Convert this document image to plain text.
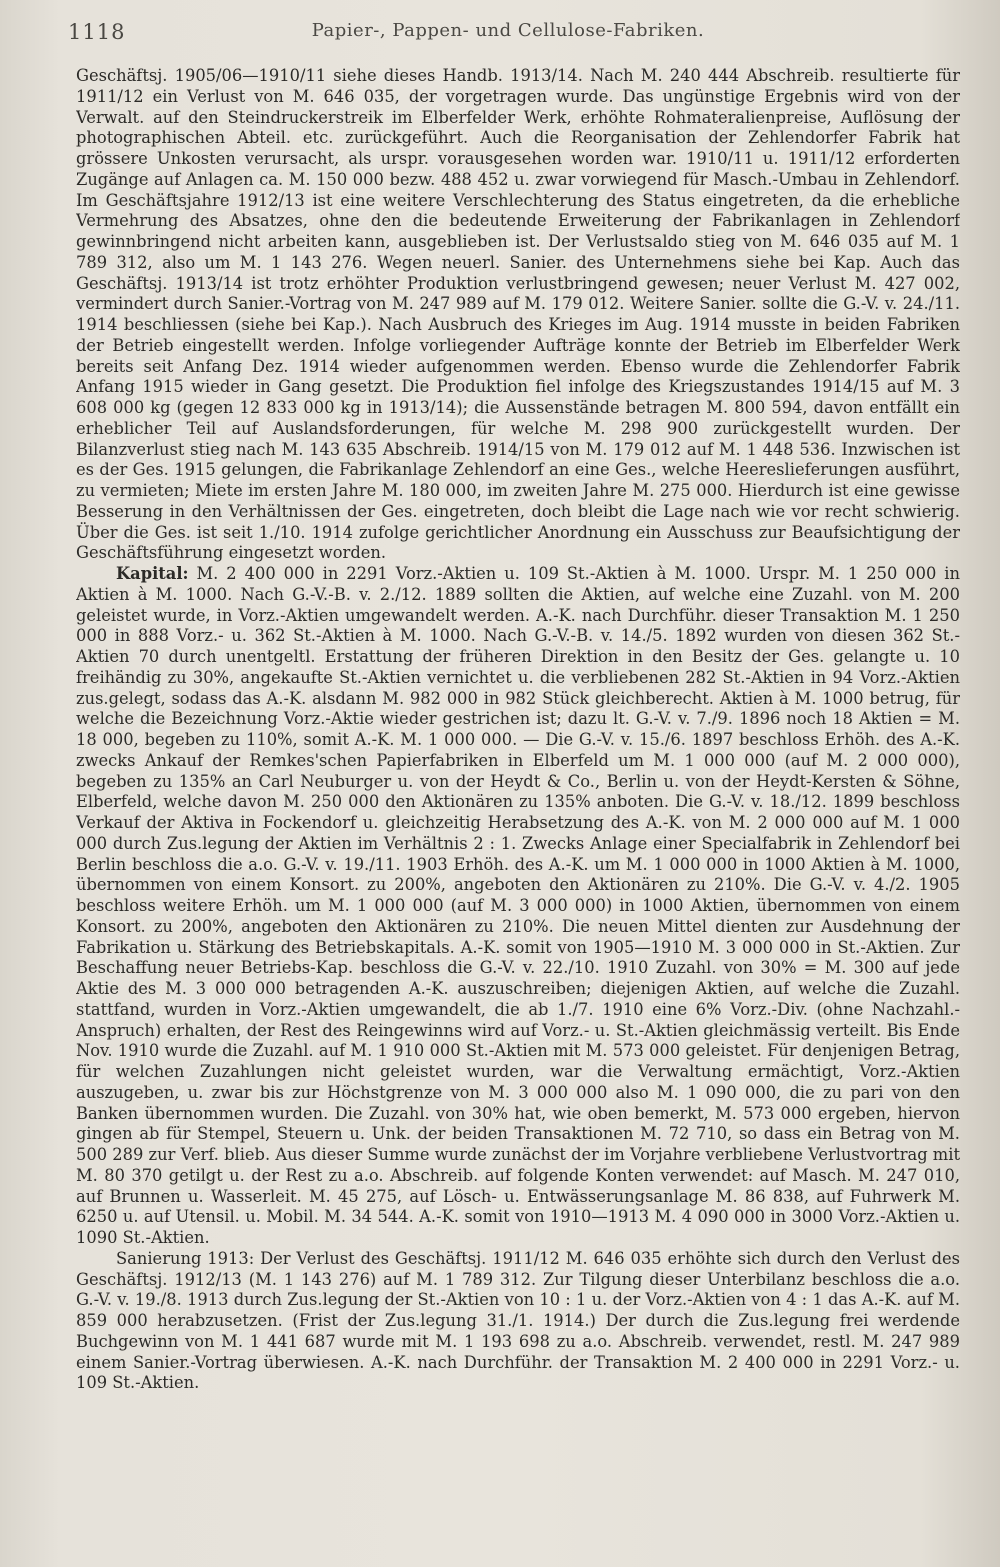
1118	Papier-, Pappen- und Cellulose-Fabriken.

Geschäftsj. 1905/06—1910/11 siehe dieses Handb. 1913/14. Nach M. 240 444 Abschreib. resultierte für 1911/12 ein Verlust von M. 646 035, der vorgetragen wurde. Das ungünstige Ergebnis wird von der Verwalt. auf den Steindruckerstreik im Elberfelder Werk, erhöhte Rohmateralienpreise, Auflösung der photographischen Abteil. etc. zurückgeführt. Auch die Reorganisation der Zehlendorfer Fabrik hat grössere Unkosten verursacht, als urspr. vorausgesehen worden war. 1910/11 u. 1911/12 erforderten Zugänge auf Anlagen ca. M. 150 000 bezw. 488 452 u. zwar vorwiegend für Masch.-Umbau in Zehlendorf. Im Geschäftsjahre 1912/13 ist eine weitere Verschlechterung des Status eingetreten, da die erhebliche Vermehrung des Absatzes, ohne den die bedeutende Erweiterung der Fabrikanlagen in Zehlendorf gewinnbringend nicht arbeiten kann, ausgeblieben ist. Der Verlustsaldo stieg von M. 646 035 auf M. 1 789 312, also um M. 1 143 276. Wegen neuerl. Sanier. des Unternehmens siehe bei Kap. Auch das Geschäftsj. 1913/14 ist trotz erhöhter Produktion verlustbringend gewesen; neuer Verlust M. 427 002, vermindert durch Sanier.-Vortrag von M. 247 989 auf M. 179 012. Weitere Sanier. sollte die G.-V. v. 24./11. 1914 beschliessen (siehe bei Kap.). Nach Ausbruch des Krieges im Aug. 1914 musste in beiden Fabriken der Betrieb eingestellt werden. Infolge vorliegender Aufträge konnte der Betrieb im Elberfelder Werk bereits seit Anfang Dez. 1914 wieder aufgenommen werden. Ebenso wurde die Zehlendorfer Fabrik Anfang 1915 wieder in Gang gesetzt. Die Produktion fiel infolge des Kriegszustandes 1914/15 auf M. 3 608 000 kg (gegen 12 833 000 kg in 1913/14); die Aussenstände betragen M. 800 594, davon entfällt ein erheblicher Teil auf Auslandsforderungen, für welche M. 298 900 zurückgestellt wurden. Der Bilanzverlust stieg nach M. 143 635 Abschreib. 1914/15 von M. 179 012 auf M. 1 448 536. Inzwischen ist es der Ges. 1915 gelungen, die Fabrikanlage Zehlendorf an eine Ges., welche Heereslieferungen ausführt, zu vermieten; Miete im ersten Jahre M. 180 000, im zweiten Jahre M. 275 000. Hierdurch ist eine gewisse Besserung in den Verhältnissen der Ges. eingetreten, doch bleibt die Lage nach wie vor recht schwierig. Über die Ges. ist seit 1./10. 1914 zufolge gerichtlicher Anordnung ein Ausschuss zur Beaufsichtigung der Geschäftsführung eingesetzt worden.

Kapital: M. 2 400 000 in 2291 Vorz.-Aktien u. 109 St.-Aktien à M. 1000. Urspr. M. 1 250 000 in Aktien à M. 1000. Nach G.-V.-B. v. 2./12. 1889 sollten die Aktien, auf welche eine Zuzahl. von M. 200 geleistet wurde, in Vorz.-Aktien umgewandelt werden. A.-K. nach Durchführ. dieser Transaktion M. 1 250 000 in 888 Vorz.- u. 362 St.-Aktien à M. 1000. Nach G.-V.-B. v. 14./5. 1892 wurden von diesen 362 St.-Aktien 70 durch unentgeltl. Erstattung der früheren Direktion in den Besitz der Ges. gelangte u. 10 freihändig zu 30%, angekaufte St.-Aktien vernichtet u. die verbliebenen 282 St.-Aktien in 94 Vorz.-Aktien zus.gelegt, sodass das A.-K. alsdann M. 982 000 in 982 Stück gleichberecht. Aktien à M. 1000 betrug, für welche die Bezeichnung Vorz.-Aktie wieder gestrichen ist; dazu lt. G.-V. v. 7./9. 1896 noch 18 Aktien = M. 18 000, begeben zu 110%, somit A.-K. M. 1 000 000. — Die G.-V. v. 15./6. 1897 beschloss Erhöh. des A.-K. zwecks Ankauf der Remkes'schen Papierfabriken in Elberfeld um M. 1 000 000 (auf M. 2 000 000), begeben zu 135% an Carl Neuburger u. von der Heydt & Co., Berlin u. von der Heydt-Kersten & Söhne, Elberfeld, welche davon M. 250 000 den Aktionären zu 135% anboten. Die G.-V. v. 18./12. 1899 beschloss Verkauf der Aktiva in Fockendorf u. gleichzeitig Herabsetzung des A.-K. von M. 2 000 000 auf M. 1 000 000 durch Zus.legung der Aktien im Verhältnis 2 : 1. Zwecks Anlage einer Specialfabrik in Zehlendorf bei Berlin beschloss die a.o. G.-V. v. 19./11. 1903 Erhöh. des A.-K. um M. 1 000 000 in 1000 Aktien à M. 1000, übernommen von einem Konsort. zu 200%, angeboten den Aktionären zu 210%. Die G.-V. v. 4./2. 1905 beschloss weitere Erhöh. um M. 1 000 000 (auf M. 3 000 000) in 1000 Aktien, übernommen von einem Konsort. zu 200%, angeboten den Aktionären zu 210%. Die neuen Mittel dienten zur Ausdehnung der Fabrikation u. Stärkung des Betriebskapitals. A.-K. somit von 1905—1910 M. 3 000 000 in St.-Aktien. Zur Beschaffung neuer Betriebs-Kap. beschloss die G.-V. v. 22./10. 1910 Zuzahl. von 30% = M. 300 auf jede Aktie des M. 3 000 000 betragenden A.-K. auszuschreiben; diejenigen Aktien, auf welche die Zuzahl. stattfand, wurden in Vorz.-Aktien umgewandelt, die ab 1./7. 1910 eine 6% Vorz.-Div. (ohne Nachzahl.-Anspruch) erhalten, der Rest des Reingewinns wird auf Vorz.- u. St.-Aktien gleichmässig verteilt. Bis Ende Nov. 1910 wurde die Zuzahl. auf M. 1 910 000 St.-Aktien mit M. 573 000 geleistet. Für denjenigen Betrag, für welchen Zuzahlungen nicht geleistet wurden, war die Verwaltung ermächtigt, Vorz.-Aktien auszugeben, u. zwar bis zur Höchstgrenze von M. 3 000 000 also M. 1 090 000, die zu pari von den Banken übernommen wurden. Die Zuzahl. von 30% hat, wie oben bemerkt, M. 573 000 ergeben, hiervon gingen ab für Stempel, Steuern u. Unk. der beiden Transaktionen M. 72 710, so dass ein Betrag von M. 500 289 zur Verf. blieb. Aus dieser Summe wurde zunächst der im Vorjahre verbliebene Verlustvortrag mit M. 80 370 getilgt u. der Rest zu a.o. Abschreib. auf folgende Konten verwendet: auf Masch. M. 247 010, auf Brunnen u. Wasserleit. M. 45 275, auf Lösch- u. Entwässerungsanlage M. 86 838, auf Fuhrwerk M. 6250 u. auf Utensil. u. Mobil. M. 34 544. A.-K. somit von 1910—1913 M. 4 090 000 in 3000 Vorz.-Aktien u. 1090 St.-Aktien.

Sanierung 1913: Der Verlust des Geschäftsj. 1911/12 M. 646 035 erhöhte sich durch den Verlust des Geschäftsj. 1912/13 (M. 1 143 276) auf M. 1 789 312. Zur Tilgung dieser Unterbilanz beschloss die a.o. G.-V. v. 19./8. 1913 durch Zus.legung der St.-Aktien von 10 : 1 u. der Vorz.-Aktien von 4 : 1 das A.-K. auf M. 859 000 herabzusetzen. (Frist der Zus.legung 31./1. 1914.) Der durch die Zus.legung frei werdende Buchgewinn von M. 1 441 687 wurde mit M. 1 193 698 zu a.o. Abschreib. verwendet, restl. M. 247 989 einem Sanier.-Vortrag überwiesen. A.-K. nach Durchführ. der Transaktion M. 2 400 000 in 2291 Vorz.- u. 109 St.-Aktien.
